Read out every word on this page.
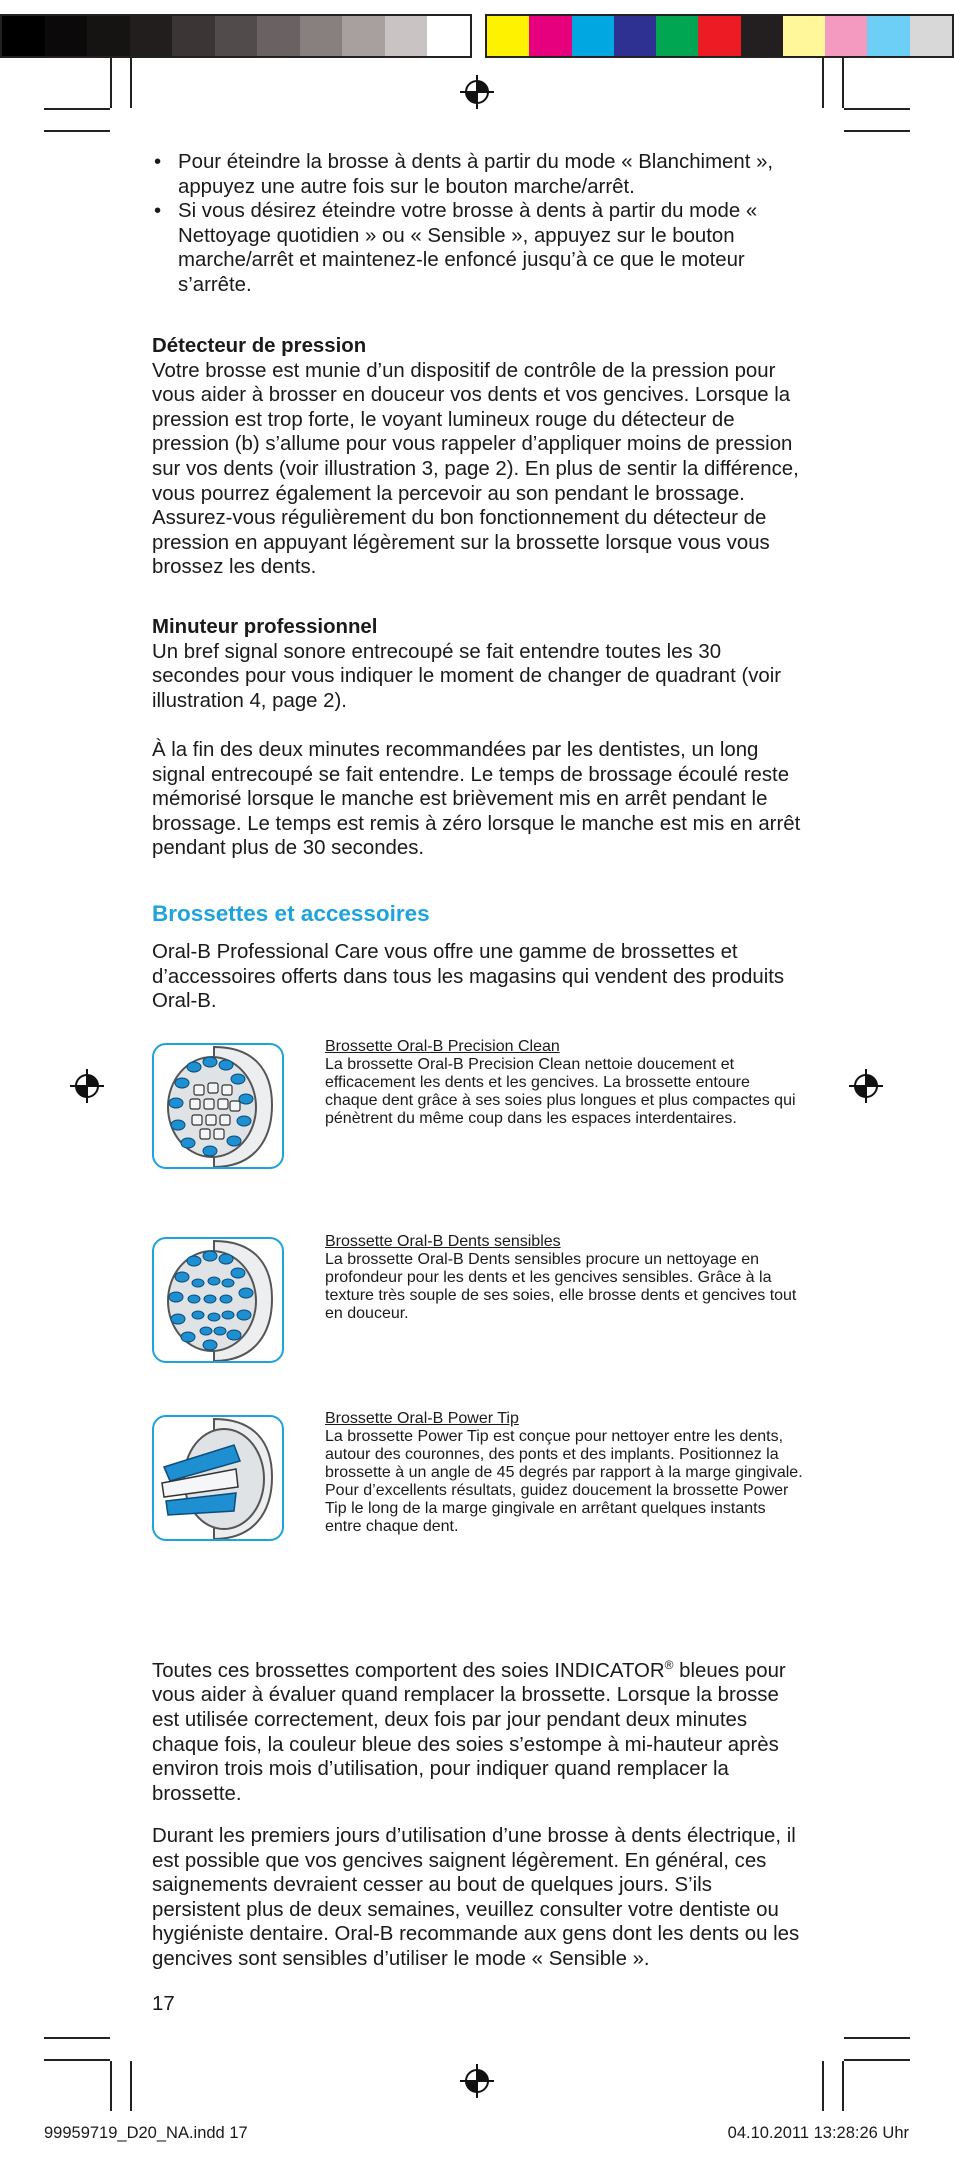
• Pour éteindre la brosse à dents à partir du mode « Blanchiment », appuyez une autre fois sur le bouton marche/arrêt.
• Si vous désirez éteindre votre brosse à dents à partir du mode « Nettoyage quotidien » ou « Sensible », appuyez sur le bouton marche/arrêt et maintenez-le enfoncé jusqu’à ce que le moteur s’arrête.
Détecteur de pression

Votre brosse est munie d’un dispositif de contrôle de la pression pour vous aider à brosser en douceur vos dents et vos gencives. Lorsque la pression est trop forte, le voyant lumineux rouge du détecteur de pression (b) s’allume pour vous rappeler d’appliquer moins de pression sur vos dents (voir illustration 3, page 2). En plus de sentir la différence, vous pourrez également la percevoir au son pendant le brossage. Assurez-vous régulièrement du bon fonctionnement du détecteur de pression en appuyant légèrement sur la brossette lorsque vous vous brossez les dents.

Minuteur professionnel

Un bref signal sonore entrecoupé se fait entendre toutes les 30 secondes pour vous indiquer le moment de changer de quadrant (voir illustration 4, page 2).

À la fin des deux minutes recommandées par les dentistes, un long signal entrecoupé se fait entendre. Le temps de brossage écoulé reste mémorisé lorsque le manche est brièvement mis en arrêt pendant le brossage. Le temps est remis à zéro lorsque le manche est mis en arrêt pendant plus de 30 secondes.

Brossettes et accessoires

Oral-B Professional Care vous offre une gamme de brossettes et d’accessoires offerts dans tous les magasins qui vendent des produits Oral-B.

Brossette Oral-B Precision Clean

La brossette Oral-B Precision Clean nettoie doucement et efficacement les dents et les gencives. La brossette entoure chaque dent grâce à ses soies plus longues et plus compactes qui pénètrent du même coup dans les espaces interdentaires.

Brossette Oral-B Dents sensibles

La brossette Oral-B Dents sensibles procure un nettoyage en profondeur pour les dents et les gencives sensibles. Grâce à la texture très souple de ses soies, elle brosse dents et gencives tout en douceur.

Brossette Oral-B Power Tip

La brossette Power Tip est conçue pour nettoyer entre les dents, autour des couronnes, des ponts et des implants. Positionnez la brossette à un angle de 45 degrés par rapport à la marge gingivale. Pour d’excellents résultats, guidez doucement la brossette Power Tip le long de la marge gingivale en arrêtant quelques instants entre chaque dent.

Toutes ces brossettes comportent des soies INDICATOR® bleues pour vous aider à évaluer quand remplacer la brossette. Lorsque la brosse est utilisée correctement, deux fois par jour pendant deux minutes chaque fois, la couleur bleue des soies s’estompe à mi-hauteur après environ trois mois d’utilisation, pour indiquer quand remplacer la brossette.

Durant les premiers jours d’utilisation d’une brosse à dents électrique, il est possible que vos gencives saignent légèrement. En général, ces saignements devraient cesser au bout de quelques jours. S’ils persistent plus de deux semaines, veuillez consulter votre dentiste ou hygiéniste dentaire. Oral-B recommande aux gens dont les dents ou les gencives sont sensibles d’utiliser le mode « Sensible ».

17
99959719_D20_NA.indd 17	04.10.2011 13:28:26 Uhr
